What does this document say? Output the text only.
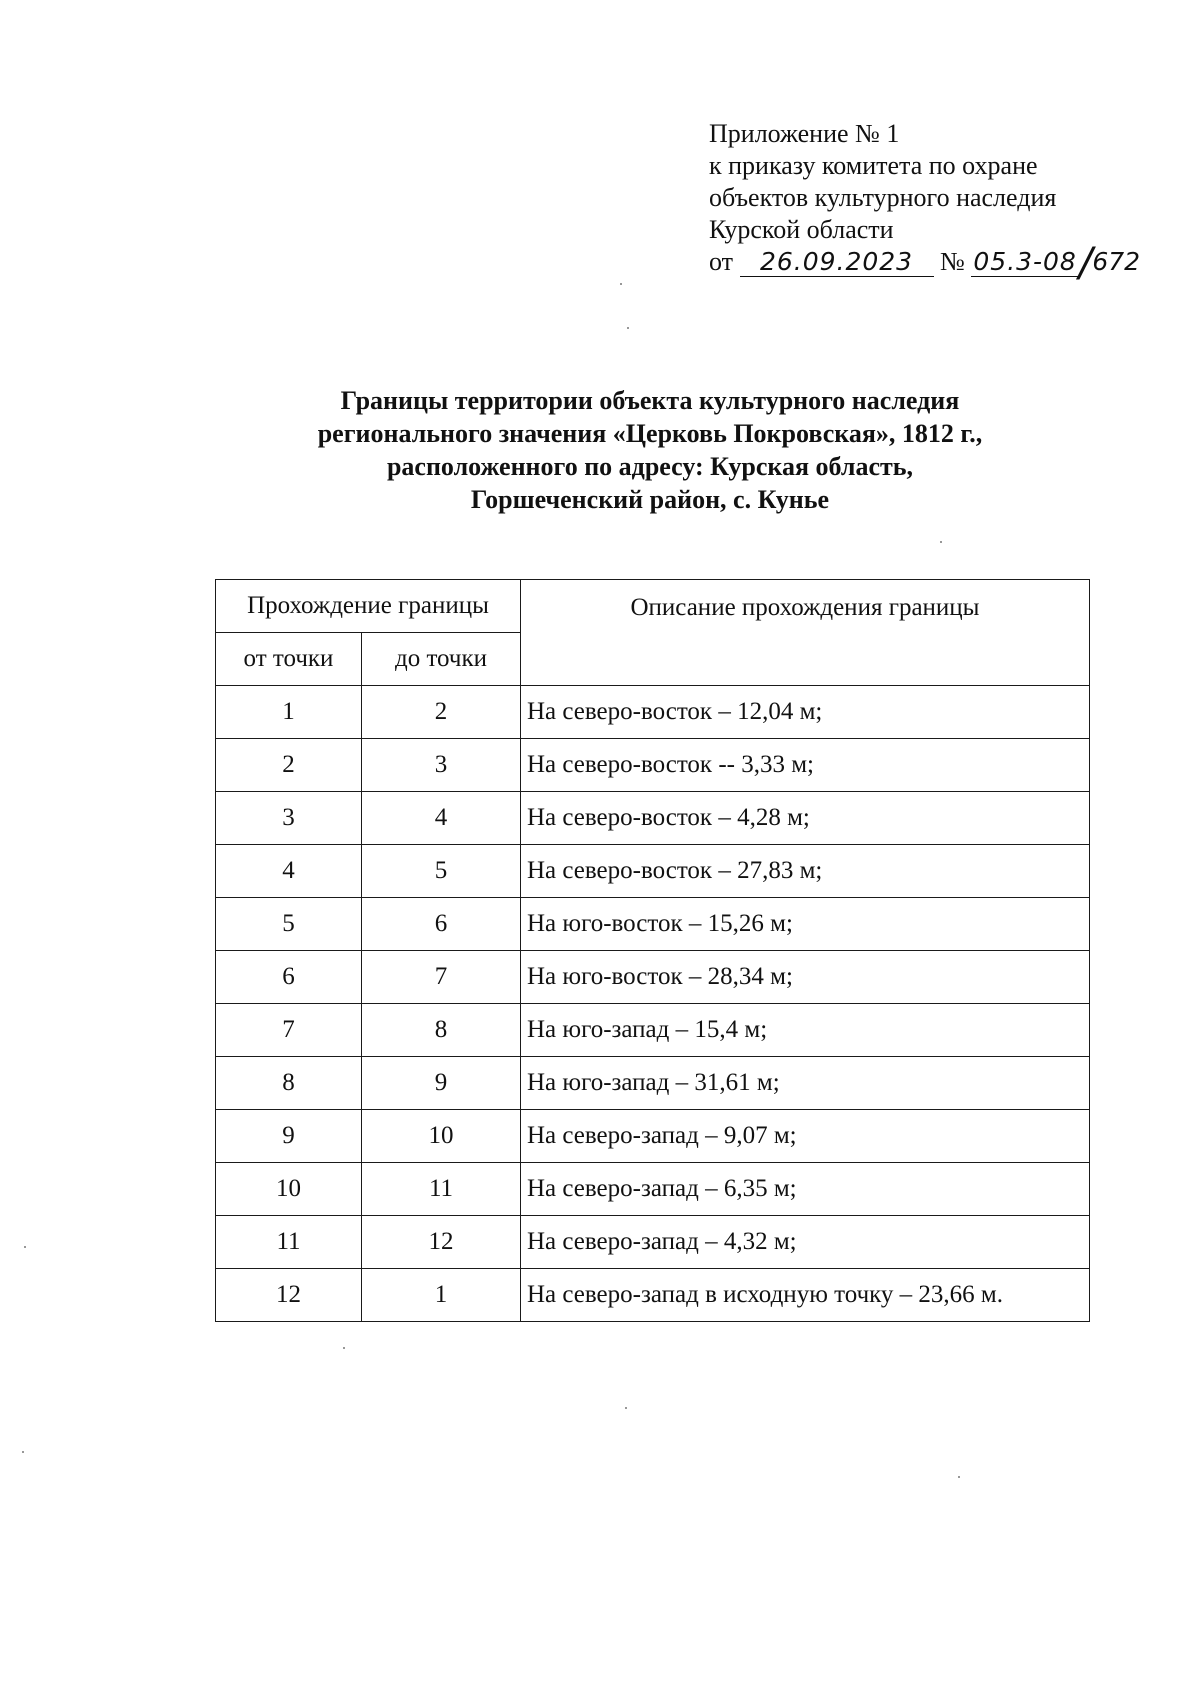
Приложение № 1
к приказу комитета по охране
объектов культурного наследия
Курской области
от 26.09.2023 № 05.3-08/672
Границы территории объекта культурного наследия
регионального значения «Церковь Покровская», 1812 г.,
расположенного по адресу: Курская область,
Горшеченский район, с. Кунье
Прохождение границы		Описание прохождения границы
от точки	до точки	
1	2	На северо-восток – 12,04 м;
2	3	На северо-восток -- 3,33 м;
3	4	На северо-восток – 4,28 м;
4	5	На северо-восток – 27,83 м;
5	6	На юго-восток – 15,26 м;
6	7	На юго-восток – 28,34 м;
7	8	На юго-запад – 15,4 м;
8	9	На юго-запад – 31,61 м;
9	10	На северо-запад – 9,07 м;
10	11	На северо-запад – 6,35 м;
11	12	На северо-запад – 4,32 м;
12	1	На северо-запад в исходную точку – 23,66 м.
